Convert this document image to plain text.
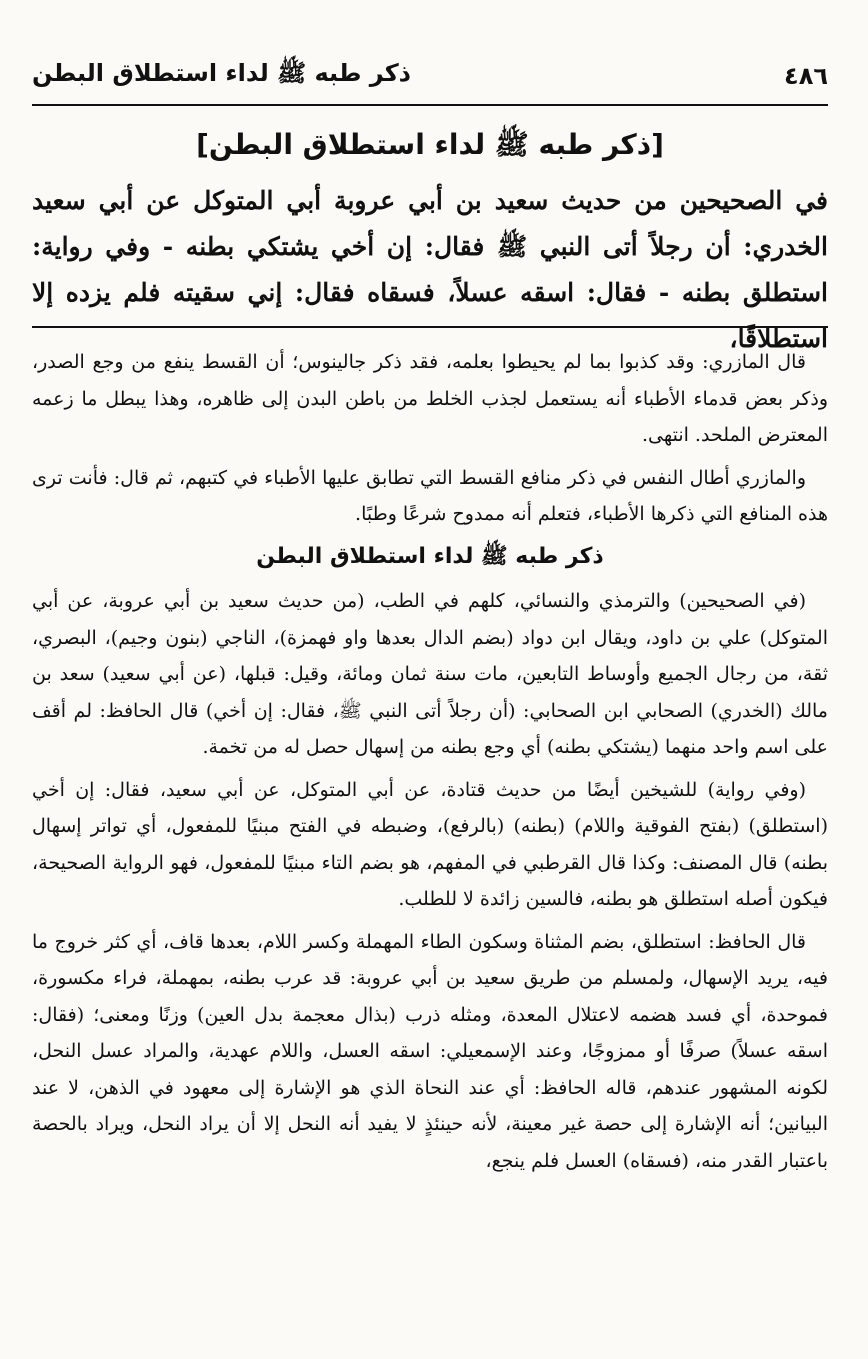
ذكر طبه ﷺ لداء استطلاق البطن	٤٨٦
[ذكر طبه ﷺ لداء استطلاق البطن]

في الصحيحين من حديث سعيد بن أبي عروبة أبي المتوكل عن أبي سعيد الخدري: أن رجلاً أتى النبي ﷺ فقال: إن أخي يشتكي بطنه - وفي رواية: استطلق بطنه - فقال: اسقه عسلاً، فسقاه فقال: إني سقيته فلم يزده إلا استطلاقًا،

قال المازري: وقد كذبوا بما لم يحيطوا بعلمه، فقد ذكر جالينوس؛ أن القسط ينفع من وجع الصدر، وذكر بعض قدماء الأطباء أنه يستعمل لجذب الخلط من باطن البدن إلى ظاهره، وهذا يبطل ما زعمه المعترض الملحد. انتهى.

والمازري أطال النفس في ذكر منافع القسط التي تطابق عليها الأطباء في كتبهم، ثم قال: فأنت ترى هذه المنافع التي ذكرها الأطباء، فتعلم أنه ممدوح شرعًا وطبًا.

ذكر طبه ﷺ لداء استطلاق البطن

(في الصحيحين) والترمذي والنسائي، كلهم في الطب، (من حديث سعيد بن أبي عروبة، عن أبي المتوكل) علي بن داود، ويقال ابن دواد (بضم الدال بعدها واو فهمزة)، الناجي (بنون وجيم)، البصري، ثقة، من رجال الجميع وأوساط التابعين، مات سنة ثمان ومائة، وقيل: قبلها، (عن أبي سعيد) سعد بن مالك (الخدري) الصحابي ابن الصحابي: (أن رجلاً أتى النبي ﷺ، فقال: إن أخي) قال الحافظ: لم أقف على اسم واحد منهما (يشتكي بطنه) أي وجع بطنه من إسهال حصل له من تخمة.

(وفي رواية) للشيخين أيضًا من حديث قتادة، عن أبي المتوكل، عن أبي سعيد، فقال: إن أخي (استطلق) (بفتح الفوقية واللام) (بطنه) (بالرفع)، وضبطه في الفتح مبنيًا للمفعول، أي تواتر إسهال بطنه) قال المصنف: وكذا قال القرطبي في المفهم، هو بضم التاء مبنيًا للمفعول، فهو الرواية الصحيحة، فيكون أصله استطلق هو بطنه، فالسين زائدة لا للطلب.

قال الحافظ: استطلق، بضم المثناة وسكون الطاء المهملة وكسر اللام، بعدها قاف، أي كثر خروج ما فيه، يريد الإسهال، ولمسلم من طريق سعيد بن أبي عروبة: قد عرب بطنه، بمهملة، فراء مكسورة، فموحدة، أي فسد هضمه لاعتلال المعدة، ومثله ذرب (بذال معجمة بدل العين) وزنًا ومعنى؛ (فقال: اسقه عسلاً) صرفًا أو ممزوجًا، وعند الإسمعيلي: اسقه العسل، واللام عهدية، والمراد عسل النحل، لكونه المشهور عندهم، قاله الحافظ: أي عند النحاة الذي هو الإشارة إلى معهود في الذهن، لا عند البيانين؛ أنه الإشارة إلى حصة غير معينة، لأنه حينئذٍ لا يفيد أنه النحل إلا أن يراد النحل، ويراد بالحصة باعتبار القدر منه، (فسقاه) العسل فلم ينجع،
